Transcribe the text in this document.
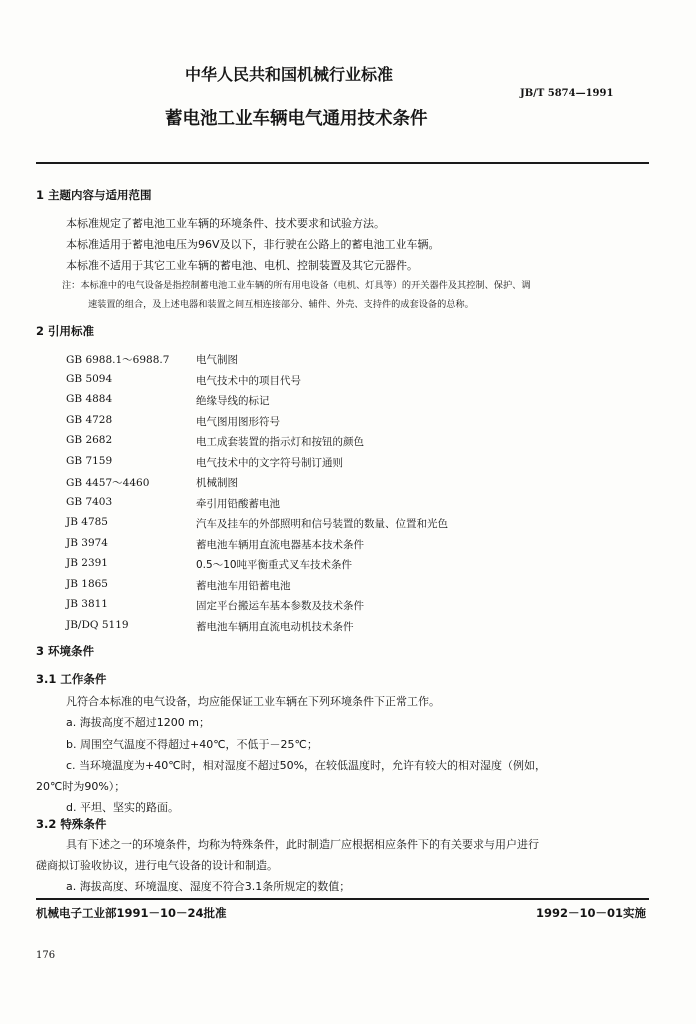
中华人民共和国机械行业标准
JB/T 5874—1991
蓄电池工业车辆电气通用技术条件
1 主题内容与适用范围
本标准规定了蓄电池工业车辆的环境条件、技术要求和试验方法。
本标准适用于蓄电池电压为96V及以下，非行驶在公路上的蓄电池工业车辆。
本标准不适用于其它工业车辆的蓄电池、电机、控制装置及其它元器件。
注：本标准中的电气设备是指控制蓄电池工业车辆的所有用电设备（电机、灯具等）的开关器件及其控制、保护、调
速装置的组合，及上述电器和装置之间互相连接部分、辅件、外壳、支持件的成套设备的总称。
2 引用标准
GB 6988.1～6988.7	电气制图
GB 5094	电气技术中的项目代号
GB 4884	绝缘导线的标记
GB 4728	电气图用图形符号
GB 2682	电工成套装置的指示灯和按钮的颜色
GB 7159	电气技术中的文字符号制订通则
GB 4457～4460	机械制图
GB 7403	牵引用铅酸蓄电池
JB 4785	汽车及挂车的外部照明和信号装置的数量、位置和光色
JB 3974	蓄电池车辆用直流电器基本技术条件
JB 2391	0.5～10吨平衡重式叉车技术条件
JB 1865	蓄电池车用铅蓄电池
JB 3811	固定平台搬运车基本参数及技术条件
JB/DQ 5119	蓄电池车辆用直流电动机技术条件
3 环境条件
3.1 工作条件
凡符合本标准的电气设备，均应能保证工业车辆在下列环境条件下正常工作。
a. 海拔高度不超过1200 m；
b. 周围空气温度不得超过+40℃，不低于－25℃；
c. 当环境温度为+40℃时，相对湿度不超过50%，在较低温度时，允许有较大的相对湿度（例如，
20℃时为90%）；
d. 平坦、坚实的路面。
3.2 特殊条件
具有下述之一的环境条件，均称为特殊条件，此时制造厂应根据相应条件下的有关要求与用户进行
磋商拟订验收协议，进行电气设备的设计和制造。
a. 海拔高度、环境温度、湿度不符合3.1条所规定的数值；
机械电子工业部1991－10－24批准	1992－10－01实施
176
